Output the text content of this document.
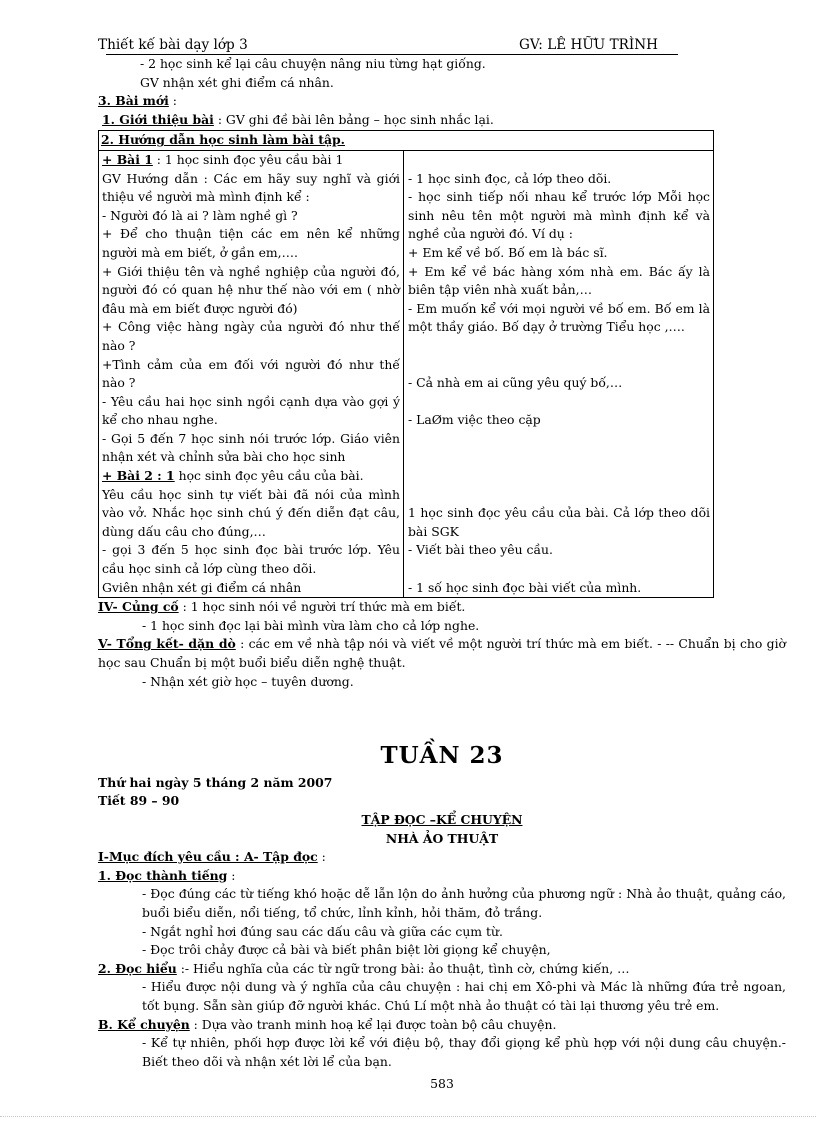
Thiết kế bài dạy lớp 3	GV: LÊ HỮU TRÌNH

- 2 học sinh kể lại câu chuyện nâng niu từng hạt giống.

GV nhận xét ghi điểm cá nhân.

3. Bài mới :

1. Giới thiệu bài : GV ghi đề bài lên bảng – học sinh nhắc lại.

2. Hướng dẫn học sinh làm bài tập.
+ Bài 1 : 1 học sinh đọc yêu cầu bài 1
GV Hướng dẫn : Các em hãy suy nghĩ và giới thiệu về người mà mình định kể :
- Người đó là ai ? làm nghề gì ?
+ Để cho thuận tiện các em nên kể những người mà em biết, ở gần em,….
+ Giới thiệu tên và nghề nghiệp của người đó, người đó có quan hệ như thế nào với em ( nhờ đâu mà em biết được người đó)
+ Công việc hàng ngày của người đó như thế nào ?
+Tình cảm của em đối với người đó như thế nào ?
- Yêu cầu hai học sinh ngồi cạnh dựa vào gợi ý kể cho nhau nghe.
- Gọi 5 đến 7 học sinh nói trước lớp. Giáo viên nhận xét và chỉnh sửa bài cho học sinh
+ Bài 2 : 1 học sinh đọc yêu cầu của bài.
Yêu cầu học sinh tự viết bài đã nói của mình vào vở. Nhắc học sinh chú ý đến diễn đạt câu, dùng dấu câu cho đúng,…
- gọi 3 đến 5 học sinh đọc bài trước lớp. Yêu cầu học sinh cả lớp cùng theo dõi.
Gviên nhận xét gi điểm cá nhân
- 1 học sinh đọc, cả lớp theo dõi.
- học sinh tiếp nối nhau kể trước lớp Mỗi học sinh nêu tên một người mà mình định kể và nghề của người đó. Ví dụ :
+ Em kể về bố. Bố em là bác sĩ.
+ Em kể về bác hàng xóm nhà em. Bác ấy là biên tập viên nhà xuất bản,…
- Em muốn kể với mọi người về bố em. Bố em là một thầy giáo. Bố dạy ở trường Tiểu học ,….
- Cả nhà em ai cũng yêu quý bố,…
- LaØm việc theo cặp
1 học sinh đọc yêu cầu của bài. Cả lớp theo dõi bài SGK
- Viết bài theo yêu cầu.
- 1 số học sinh đọc bài viết của mình.

IV- Củng cố : 1 học sinh nói về người trí thức mà em biết.

- 1 học sinh đọc lại bài mình vừa làm cho cả lớp nghe.

V- Tổng kết- dặn dò : các em về nhà tập nói và viết về một người trí thức mà em biết. - -- Chuẩn bị cho giờ học sau Chuẩn bị một buổi biểu diễn nghệ thuật.

- Nhận xét giờ học – tuyên dương.

TUẦN 23

Thứ hai ngày 5 tháng 2 năm 2007

Tiết 89 – 90

TẬP ĐỌC –KỂ CHUYỆN

NHÀ ẢO THUẬT

I-Mục đích yêu cầu : A- Tập đọc :

1. Đọc thành tiếng :

- Đọc đúng các từ tiếng khó hoặc dễ lẫn lộn do ảnh hưởng của phương ngữ : Nhà ảo thuật, quảng cáo, buổi biểu diễn, nổi tiếng, tổ chức, lỉnh kỉnh, hỏi thăm, đỏ trắng.

- Ngắt nghỉ hơi đúng sau các dấu câu và giữa các cụm từ.

- Đọc trôi chảy được cả bài và biết phân biệt lời giọng kể chuyện,

2. Đọc hiểu :- Hiểu nghĩa của các từ ngữ trong bài: ảo thuật, tình cờ, chứng kiến, …

- Hiểu được nội dung và ý nghĩa của câu chuyện : hai chị em Xô-phi và Mác là những đứa trẻ ngoan, tốt bụng. Sẵn sàn giúp đỡ người khác. Chú Lí một nhà ảo thuật có tài lại thương yêu trẻ em.

B. Kể chuyện : Dựa vào tranh minh hoạ kể lại được toàn bộ câu chuyện.

- Kể tự nhiên, phối hợp được lời kể với điệu bộ, thay đổi giọng kể phù hợp với nội dung câu chuyện.- Biết theo dõi và nhận xét lời lể của bạn.

583
